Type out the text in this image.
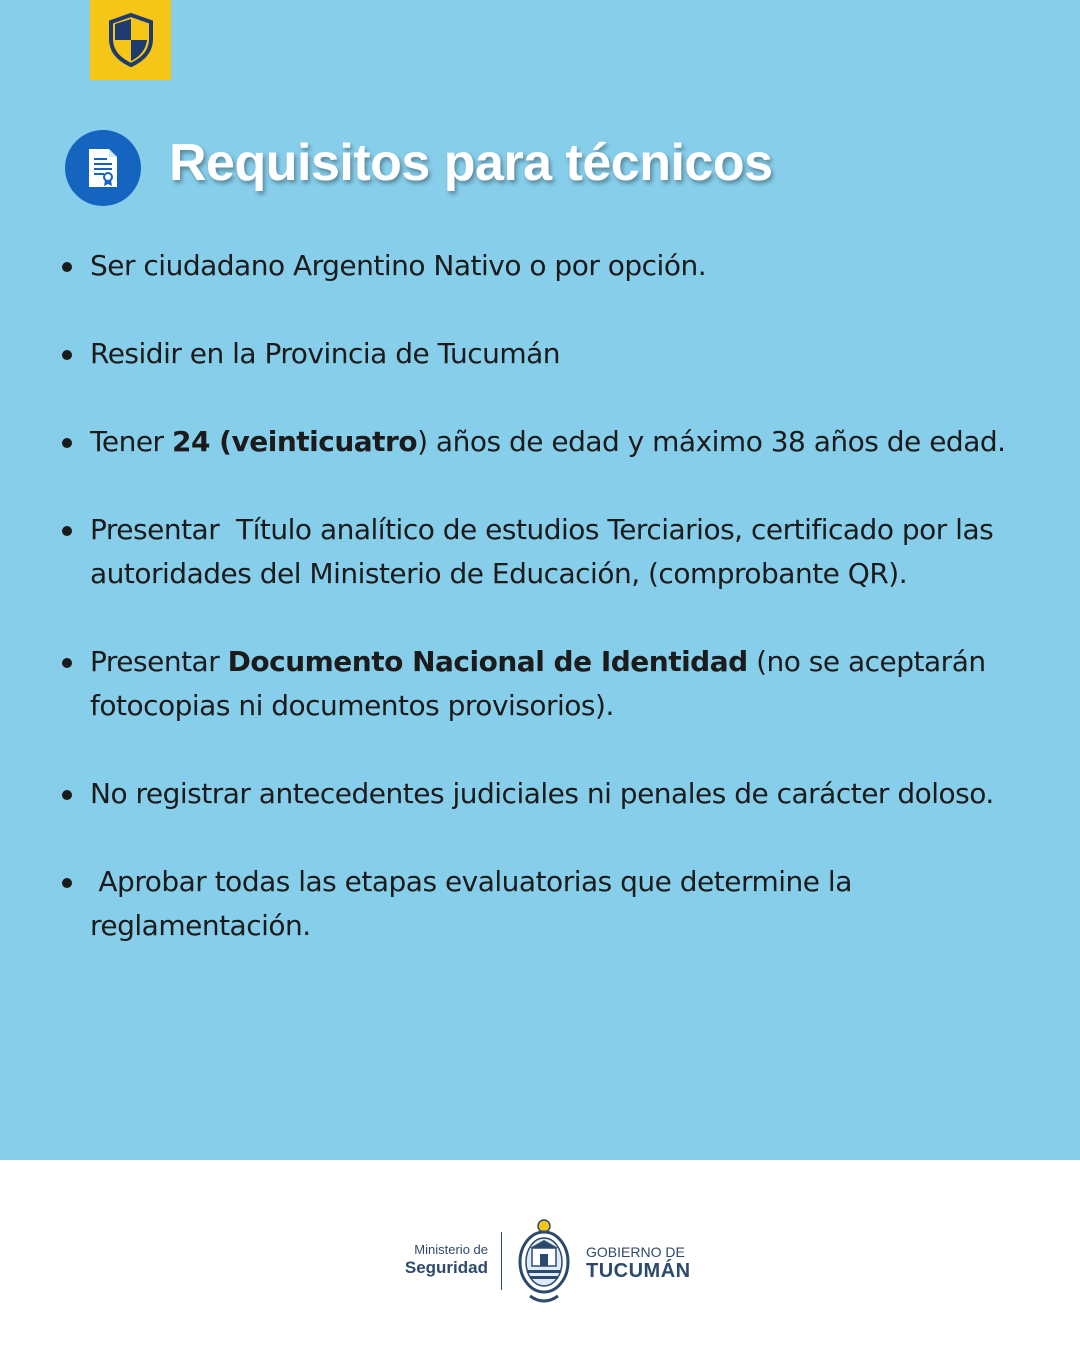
Requisitos para técnicos
Ser ciudadano Argentino Nativo o por opción.
Residir en la Provincia de Tucumán
Tener 24 (veinticuatro) años de edad y máximo 38 años de edad.
Presentar  Título analítico de estudios Terciarios, certificado por las autoridades del Ministerio de Educación, (comprobante QR).
Presentar Documento Nacional de Identidad (no se aceptarán fotocopias ni documentos provisorios).
No registrar antecedentes judiciales ni penales de carácter doloso.
Aprobar todas las etapas evaluatorias que determine la reglamentación.
Ministerio de
Seguridad
GOBIERNO DE
TUCUMÁN
